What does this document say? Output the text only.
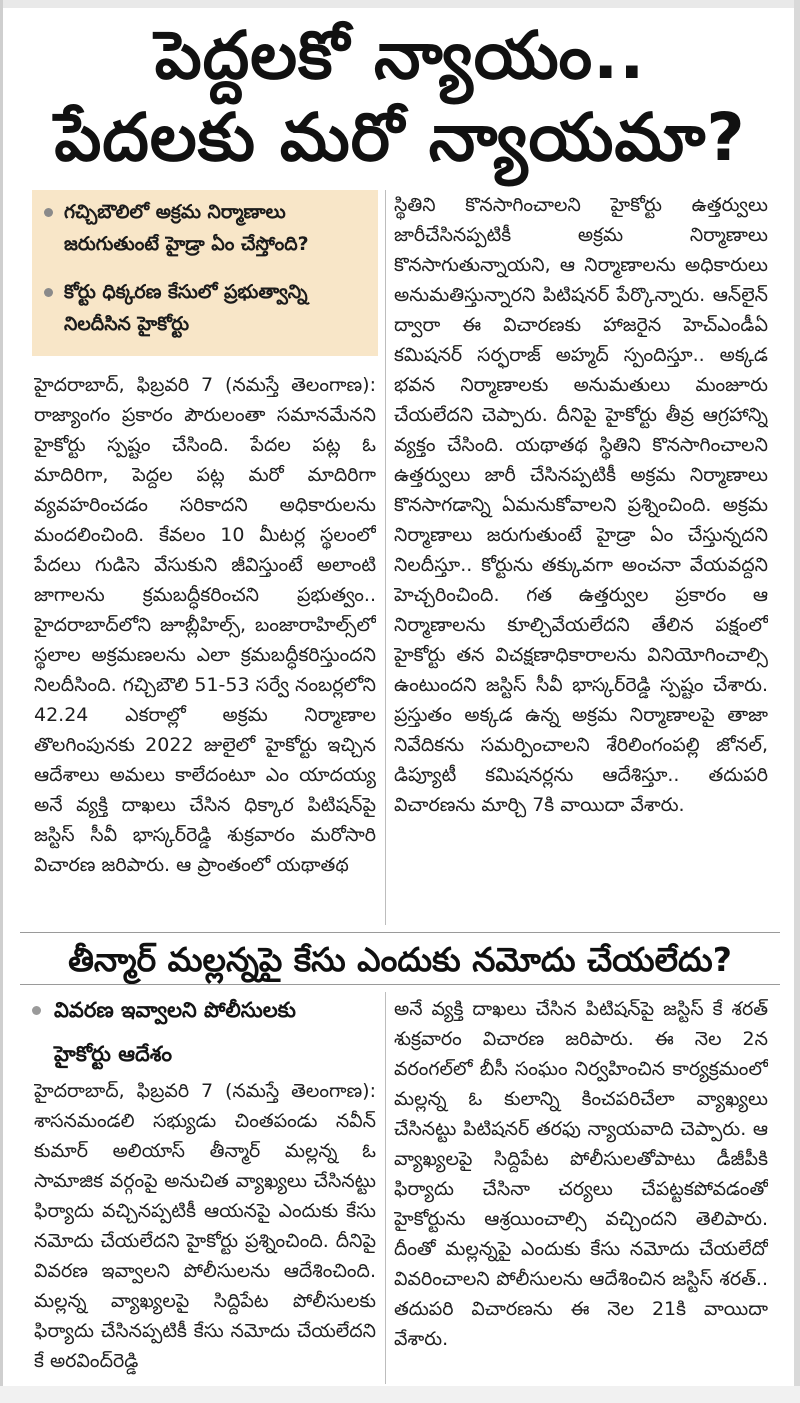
పెద్దలకో న్యాయం..
పేదలకు మరో న్యాయమా?
గచ్చిబౌలిలో అక్రమ నిర్మాణాలు జరుగుతుంటే హైడ్రా ఏం చేస్తోంది?
కోర్టు ధిక్కరణ కేసులో ప్రభుత్వాన్ని నిలదీసిన హైకోర్టు

హైదరాబాద్, ఫిబ్రవరి 7 (నమస్తే తెలంగాణ): రాజ్యాంగం ప్రకారం పౌరులంతా సమానమేనని హైకోర్టు స్పష్టం చేసింది. పేదల పట్ల ఓ మాదిరిగా, పెద్దల పట్ల మరో మాదిరిగా వ్యవహరించడం సరికాదని అధికారులను మందలించింది. కేవలం 10 మీటర్ల స్థలంలో పేదలు గుడిసె వేసుకుని జీవిస్తుంటే అలాంటి జాగాలను క్రమబద్ధీకరించని ప్రభుత్వం.. హైదరాబాద్‌లోని జూబ్లీహిల్స్, బంజారాహిల్స్‌లో స్థలాల అక్రమణలను ఎలా క్రమబద్ధీకరిస్తుందని నిలదీసింది. గచ్చిబౌలి 51-53 సర్వే నంబర్లలోని 42.24 ఎకరాల్లో అక్రమ నిర్మాణాల తొలగింపునకు 2022 జులైలో హైకోర్టు ఇచ్చిన ఆదేశాలు అమలు కాలేదంటూ ఎం యాదయ్య అనే వ్యక్తి దాఖలు చేసిన ధిక్కార పిటిషన్‌పై జస్టిస్ సీవీ భాస్కర్‌రెడ్డి శుక్రవారం మరోసారి విచారణ జరిపారు. ఆ ప్రాంతంలో యథాతథ

స్థితిని కొనసాగించాలని హైకోర్టు ఉత్తర్వులు జారీచేసినప్పటికీ అక్రమ నిర్మాణాలు కొనసాగుతున్నాయని, ఆ నిర్మాణాలను అధికారులు అనుమతిస్తున్నారని పిటిషనర్ పేర్కొన్నారు. ఆన్‌లైన్ ద్వారా ఈ విచారణకు హాజరైన హెచ్‌ఎండీఏ కమిషనర్ సర్ఫరాజ్ అహ్మద్ స్పందిస్తూ.. అక్కడ భవన నిర్మాణాలకు అనుమతులు మంజూరు చేయలేదని చెప్పారు. దీనిపై హైకోర్టు తీవ్ర ఆగ్రహాన్ని వ్యక్తం చేసింది. యథాతథ స్థితిని కొనసాగించాలని ఉత్తర్వులు జారీ చేసినప్పటికీ అక్రమ నిర్మాణాలు కొనసాగడాన్ని ఏమనుకోవాలని ప్రశ్నించింది. అక్రమ నిర్మాణాలు జరుగుతుంటే హైడ్రా ఏం చేస్తున్నదని నిలదీస్తూ.. కోర్టును తక్కువగా అంచనా వేయవద్దని హెచ్చరించింది. గత ఉత్తర్వుల ప్రకారం ఆ నిర్మాణాలను కూల్చివేయలేదని తేలిన పక్షంలో హైకోర్టు తన విచక్షణాధికారాలను వినియోగించాల్సి ఉంటుందని జస్టిస్ సీవీ భాస్కర్‌రెడ్డి స్పష్టం చేశారు. ప్రస్తుతం అక్కడ ఉన్న అక్రమ నిర్మాణాలపై తాజా నివేదికను సమర్పించాలని శేరిలింగంపల్లి జోనల్, డిప్యూటీ కమిషనర్లను ఆదేశిస్తూ.. తదుపరి విచారణను మార్చి 7కి వాయిదా వేశారు.

తీన్మార్ మల్లన్నపై కేసు ఎందుకు నమోదు చేయలేదు?
వివరణ ఇవ్వాలని పోలీసులకు
హైకోర్టు ఆదేశం

హైదరాబాద్, ఫిబ్రవరి 7 (నమస్తే తెలంగాణ): శాసనమండలి సభ్యుడు చింతపండు నవీన్ కుమార్ అలియాస్ తీన్మార్ మల్లన్న ఓ సామాజిక వర్గంపై అనుచిత వ్యాఖ్యలు చేసినట్టు ఫిర్యాదు వచ్చినప్పటికీ ఆయనపై ఎందుకు కేసు నమోదు చేయలేదని హైకోర్టు ప్రశ్నించింది. దీనిపై వివరణ ఇవ్వాలని పోలీసులను ఆదేశించింది. మల్లన్న వ్యాఖ్యలపై సిద్దిపేట పోలీసులకు ఫిర్యాదు చేసినప్పటికీ కేసు నమోదు చేయలేదని కే అరవింద్‌రెడ్డి

అనే వ్యక్తి దాఖలు చేసిన పిటిషన్‌పై జస్టిస్ కే శరత్ శుక్రవారం విచారణ జరిపారు. ఈ నెల 2న వరంగల్‌లో బీసీ సంఘం నిర్వహించిన కార్యక్రమంలో మల్లన్న ఓ కులాన్ని కించపరిచేలా వ్యాఖ్యలు చేసినట్టు పిటిషనర్ తరఫు న్యాయవాది చెప్పారు. ఆ వ్యాఖ్యలపై సిద్దిపేట పోలీసులతోపాటు డీజీపీకి ఫిర్యాదు చేసినా చర్యలు చేపట్టకపోవడంతో హైకోర్టును ఆశ్రయించాల్సి వచ్చిందని తెలిపారు. దీంతో మల్లన్నపై ఎందుకు కేసు నమోదు చేయలేదో వివరించాలని పోలీసులను ఆదేశించిన జస్టిస్ శరత్.. తదుపరి విచారణను ఈ నెల 21కి వాయిదా వేశారు.
